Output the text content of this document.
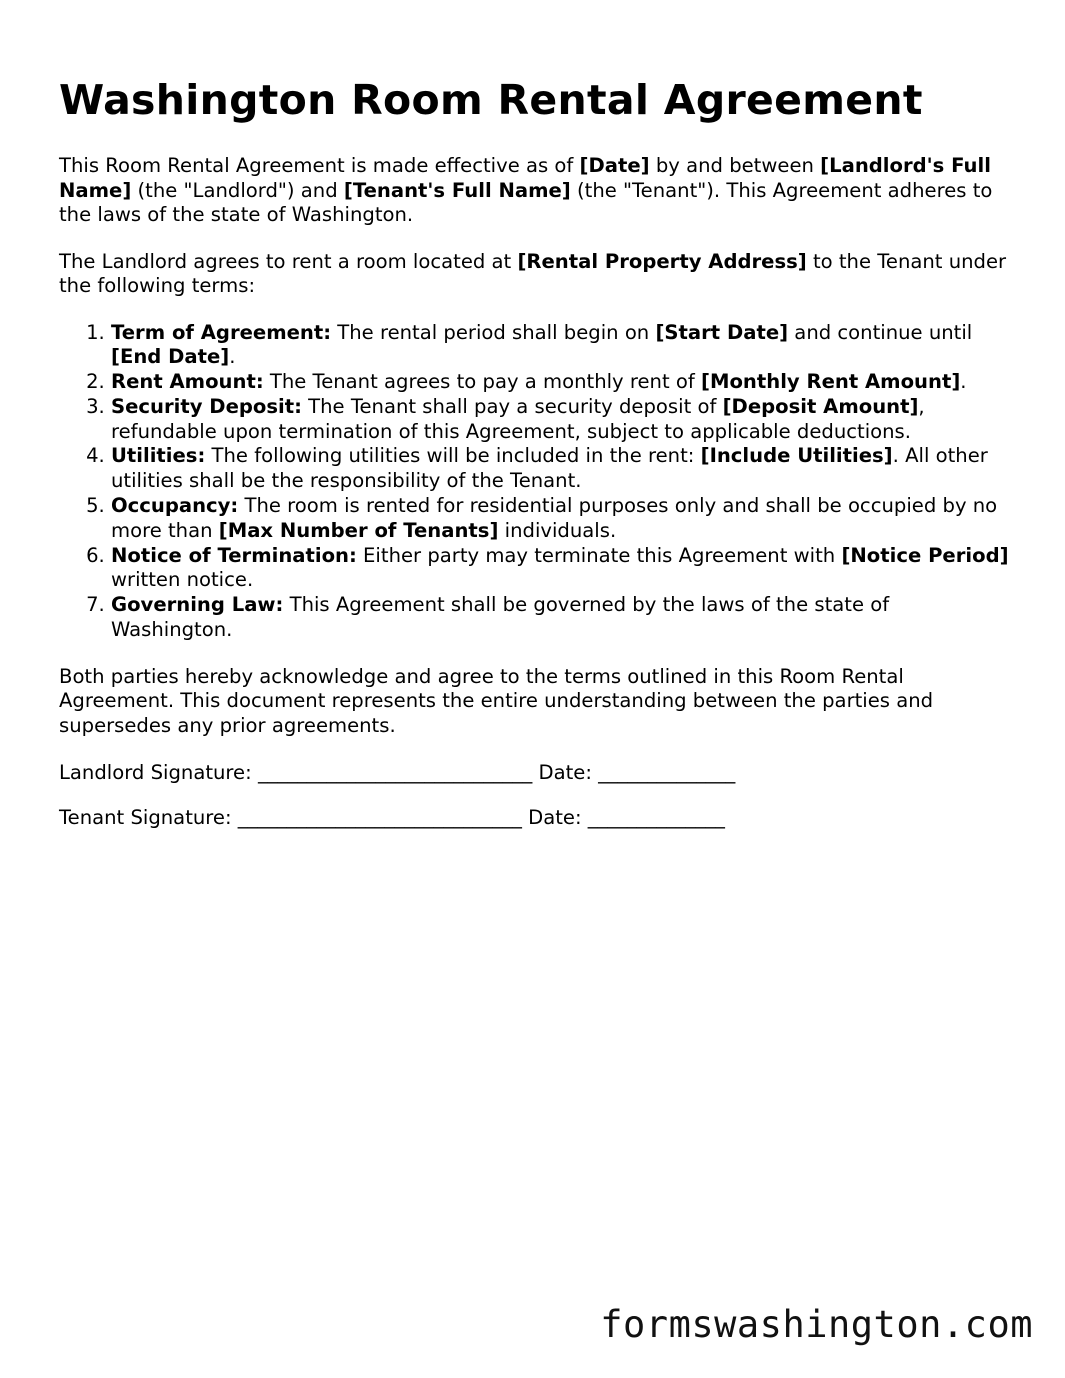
Washington Room Rental Agreement

This Room Rental Agreement is made effective as of [Date] by and between [Landlord's Full Name] (the "Landlord") and [Tenant's Full Name] (the "Tenant"). This Agreement adheres to the laws of the state of Washington.

The Landlord agrees to rent a room located at [Rental Property Address] to the Tenant under the following terms:

1. Term of Agreement: The rental period shall begin on [Start Date] and continue until [End Date].
2. Rent Amount: The Tenant agrees to pay a monthly rent of [Monthly Rent Amount].
3. Security Deposit: The Tenant shall pay a security deposit of [Deposit Amount], refundable upon termination of this Agreement, subject to applicable deductions.
4. Utilities: The following utilities will be included in the rent: [Include Utilities]. All other utilities shall be the responsibility of the Tenant.
5. Occupancy: The room is rented for residential purposes only and shall be occupied by no more than [Max Number of Tenants] individuals.
6. Notice of Termination: Either party may terminate this Agreement with [Notice Period] written notice.
7. Governing Law: This Agreement shall be governed by the laws of the state of Washington.

Both parties hereby acknowledge and agree to the terms outlined in this Room Rental Agreement. This document represents the entire understanding between the parties and supersedes any prior agreements.

Landlord Signature: ____________________________ Date: ______________
Tenant Signature: _____________________________ Date: ______________
formswashington.com
